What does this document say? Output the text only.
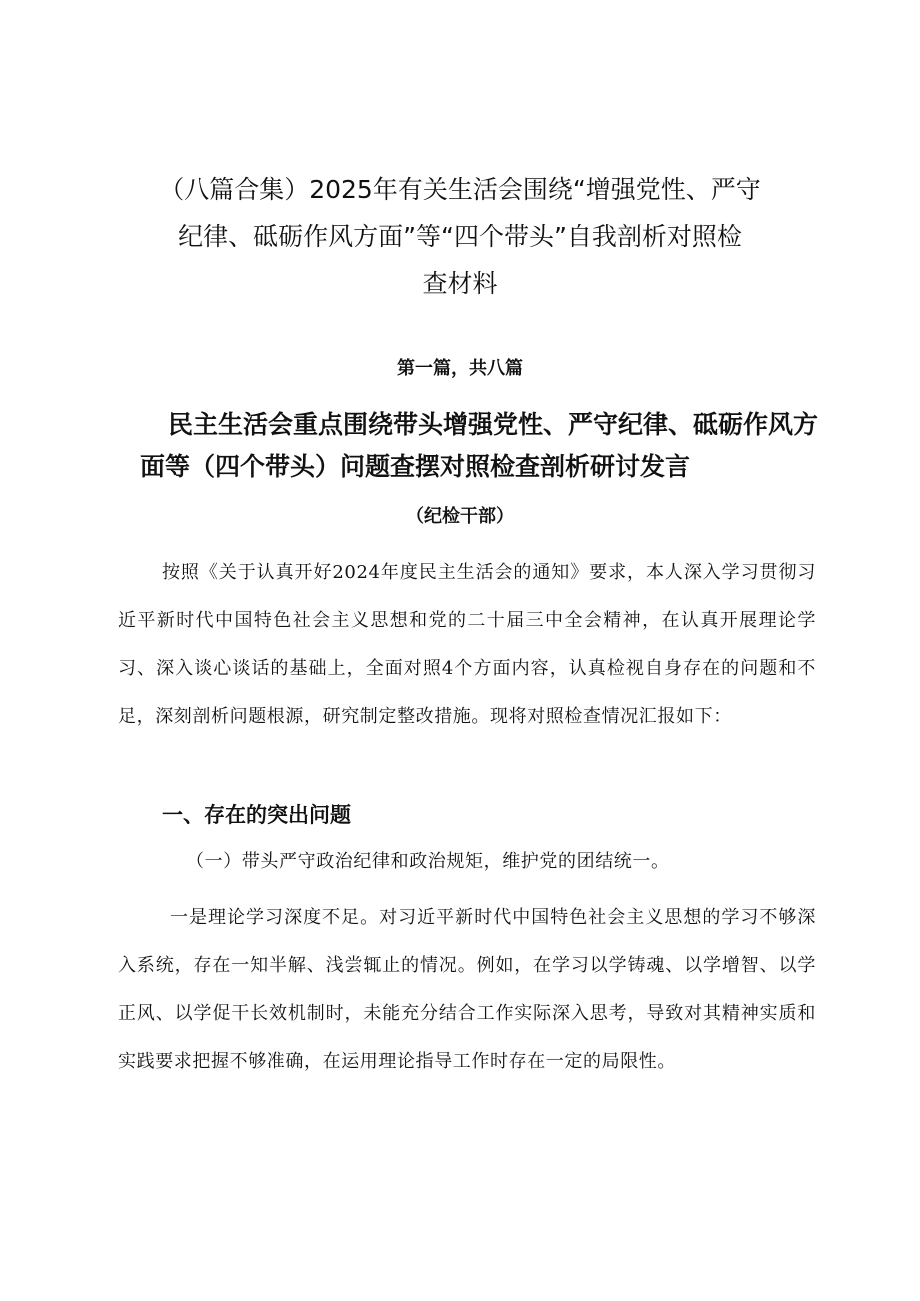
（八篇合集）2025年有关生活会围绕“增强党性、严守
纪律、砥砺作风方面”等“四个带头”自我剖析对照检
查材料

第一篇，共八篇

民主生活会重点围绕带头增强党性、严守纪律、砥砺作风方
面等（四个带头）问题查摆对照检查剖析研讨发言

（纪检干部）

按照《关于认真开好2024年度民主生活会的通知》要求，本人深入学习贯彻习近平新时代中国特色社会主义思想和党的二十届三中全会精神，在认真开展理论学习、深入谈心谈话的基础上，全面对照4个方面内容，认真检视自身存在的问题和不足，深刻剖析问题根源，研究制定整改措施。现将对照检查情况汇报如下：

一、存在的突出问题

（一）带头严守政治纪律和政治规矩，维护党的团结统一。

一是理论学习深度不足。对习近平新时代中国特色社会主义思想的学习不够深入系统，存在一知半解、浅尝辄止的情况。例如，在学习以学铸魂、以学增智、以学正风、以学促干长效机制时，未能充分结合工作实际深入思考，导致对其精神实质和实践要求把握不够准确，在运用理论指导工作时存在一定的局限性。
